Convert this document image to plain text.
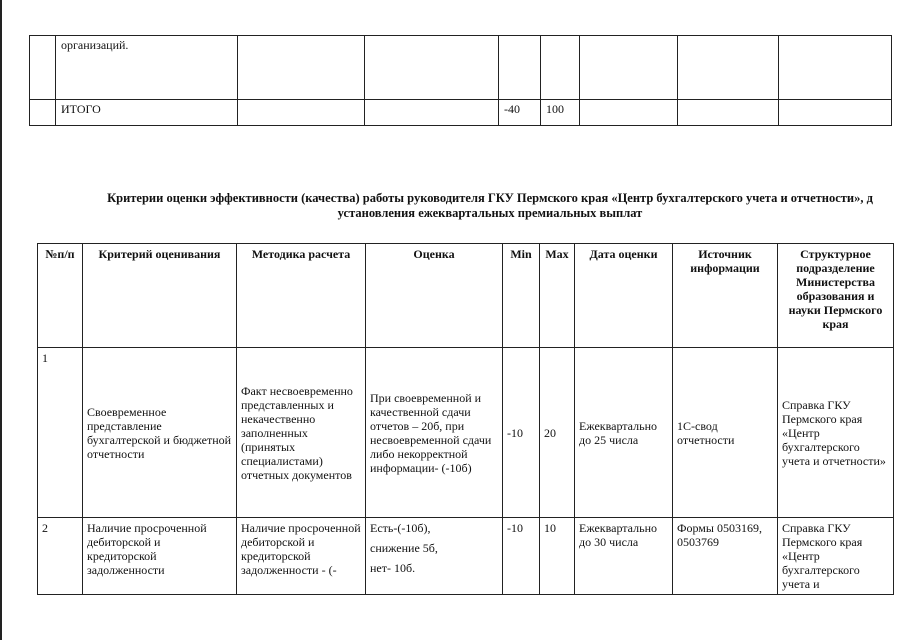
	организаций.							
	ИТОГО			-40	100			
Критерии оценки эффективности (качества) работы руководителя ГКУ Пермского края «Центр бухгалтерского учета и отчетности», д
установления ежеквартальных премиальных выплат
№п/п	Критерий оценивания	Методика расчета	Оценка	Min	Max	Дата оценки	Источник информации	Структурное подразделение Министерства образования и науки Пермского края
1	Своевременное представление бухгалтерской и бюджетной отчетности	Факт несвоевременно представленных и некачественно заполненных (принятых специалистами) отчетных документов	При своевременной и качественной сдачи отчетов – 20б, при несвоевременной сдачи либо некорректной информации- (-10б)	-10	20	Ежеквартально до 25 числа	1С-свод отчетности	Справка ГКУ Пермского края «Центр бухгалтерского учета и отчетности»
2	Наличие просроченной дебиторской и кредиторской задолженности	Наличие просроченной дебиторской и кредиторской задолженности - (-	Есть-(-10б),
снижение 5б,
нет- 10б.	-10	10	Ежеквартально до 30 числа	Формы 0503169, 0503769	Справка ГКУ Пермского края «Центр бухгалтерского учета и
